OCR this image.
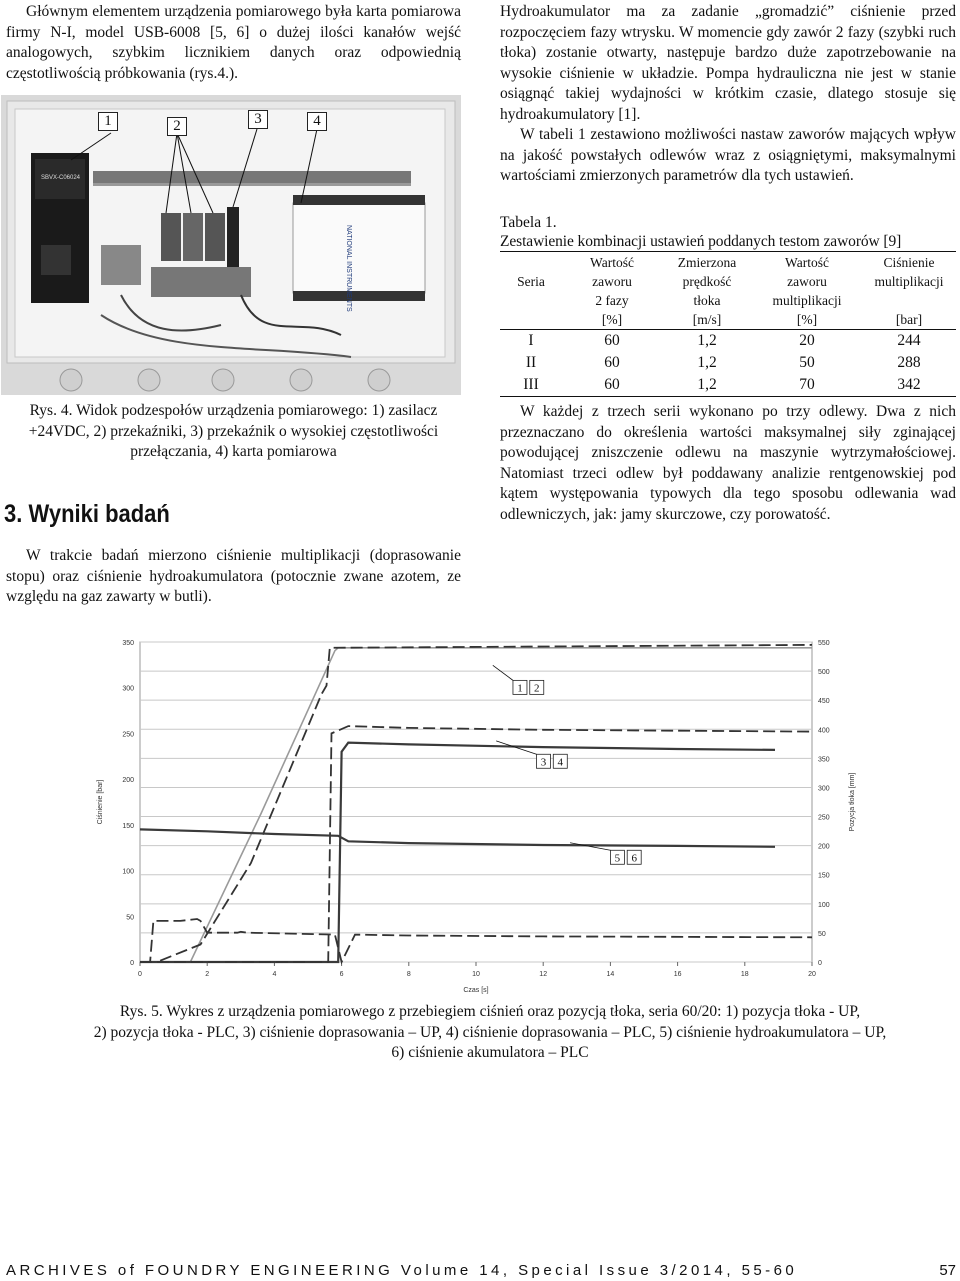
Głównym elementem urządzenia pomiarowego była karta pomiarowa firmy N-I, model USB-6008 [5, 6] o dużej ilości kanałów wejść analogowych, szybkim licznikiem danych oraz odpowiednią częstotliwością próbkowania (rys.4.).

SBVX-C06024
NATIONAL INSTRUMENTS
1	2	3	4

Rys. 4. Widok podzespołów urządzenia pomiarowego: 1) zasilacz +24VDC, 2) przekaźniki, 3) przekaźnik o wysokiej częstotliwości przełączania, 4) karta pomiarowa

3. Wyniki badań

W trakcie badań mierzono ciśnienie multiplikacji (doprasowanie stopu) oraz ciśnienie hydroakumulatora (potocznie zwane azotem, ze względu na gaz zawarty w butli).

Hydroakumulator ma za zadanie „gromadzić” ciśnienie przed rozpoczęciem fazy wtrysku. W momencie gdy zawór 2 fazy (szybki ruch tłoka) zostanie otwarty, następuje bardzo duże zapotrzebowanie na wysokie ciśnienie w układzie. Pompa hydrauliczna nie jest w stanie osiągnąć takiej wydajności w krótkim czasie, dlatego stosuje się hydroakumulatory [1].

W tabeli 1 zestawiono możliwości nastaw zaworów mających wpływ na jakość powstałych odlewów wraz z osiągniętymi, maksymalnymi wartościami zmierzonych parametrów dla tych ustawień.

Tabela 1.
Zestawienie kombinacji ustawień poddanych testom zaworów [9]
Seria	Wartość	Zmierzona	Wartość	Ciśnienie
	zaworu	prędkość	zaworu	multiplikacji
	2 fazy	tłoka	multiplikacji	
	[%]	[m/s]	[%]	[bar]
I	60	1,2	20	244
II	60	1,2	50	288
III	60	1,2	70	342

W każdej z trzech serii wykonano po trzy odlewy. Dwa z nich przeznaczano do określenia wartości maksymalnej siły zginającej powodującej zniszczenie odlewu na maszynie wytrzymałościowej. Natomiast trzeci odlew był poddawany analizie rentgenowskiej pod kątem występowania typowych dla tego sposobu odlewania wad odlewniczych, jak: jamy skurczowe, czy porowatość.

0	2	4	6	8	10	12	14	16	18	20
0
50
100
150
200
250
300
350
0
50
100
150
200
250
300
350
400
450
500
550
Czas [s]
Ciśnienie [bar]	Pozycja tłoka [mm]
1 2
3 4
5 6
Rys. 5. Wykres z urządzenia pomiarowego z przebiegiem ciśnień oraz pozycją tłoka, seria 60/20: 1) pozycja tłoka - UP,
2) pozycja tłoka - PLC, 3) ciśnienie doprasowania – UP, 4) ciśnienie doprasowania – PLC, 5) ciśnienie hydroakumulatora – UP,
6) ciśnienie akumulatora – PLC
ARCHIVES of FOUNDRY ENGINEERING Volume 14, Special Issue 3/2014, 55-60	57
